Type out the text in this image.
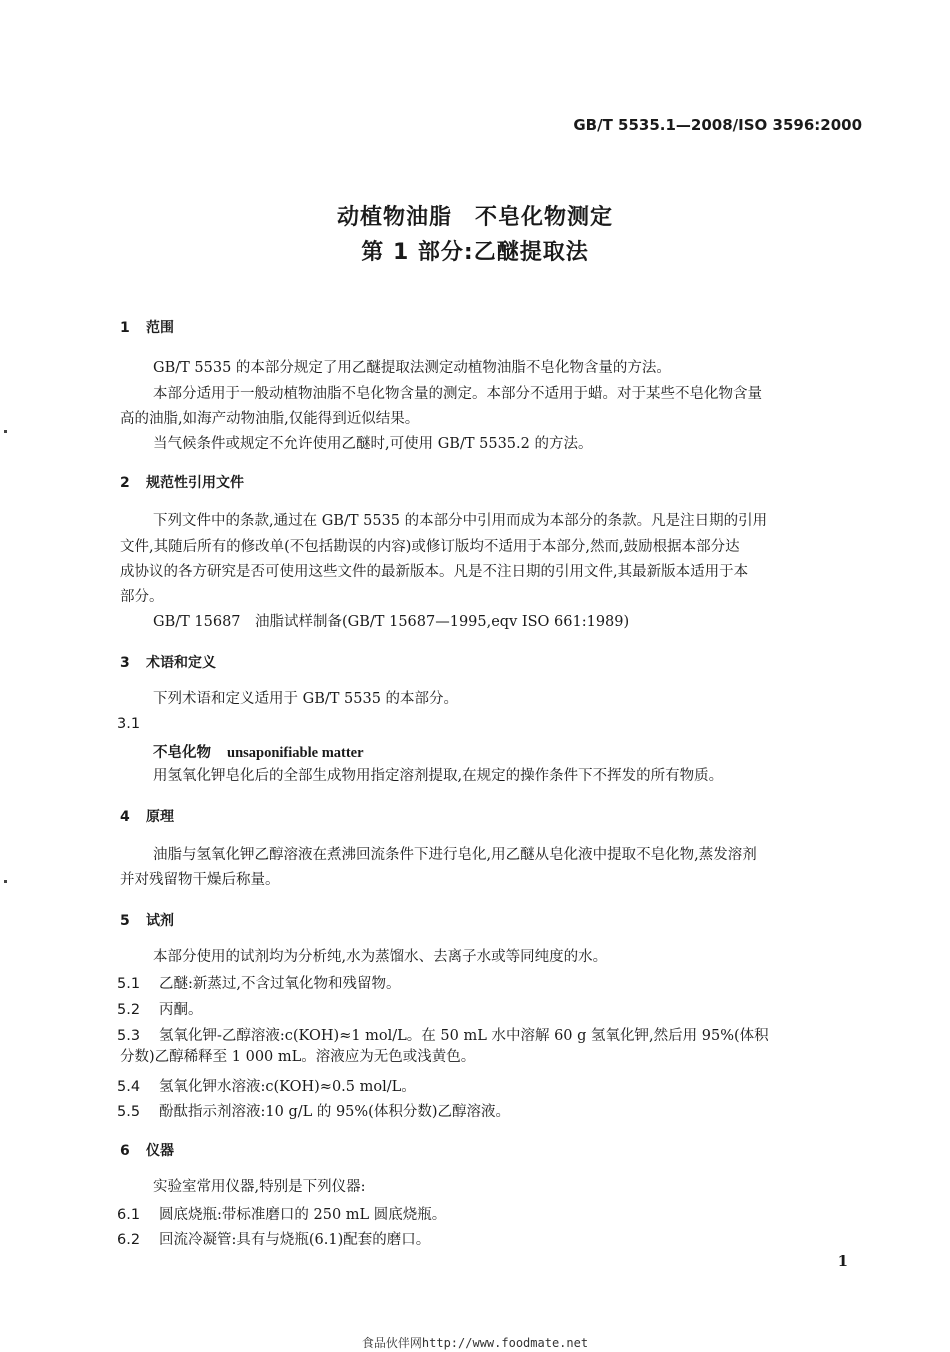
GB/T 5535.1—2008/ISO 3596:2000
动植物油脂　不皂化物测定
第 1 部分:乙醚提取法
1 范围
GB/T 5535 的本部分规定了用乙醚提取法测定动植物油脂不皂化物含量的方法。
本部分适用于一般动植物油脂不皂化物含量的测定。本部分不适用于蜡。对于某些不皂化物含量
高的油脂,如海产动物油脂,仅能得到近似结果。
当气候条件或规定不允许使用乙醚时,可使用 GB/T 5535.2 的方法。
2 规范性引用文件
下列文件中的条款,通过在 GB/T 5535 的本部分中引用而成为本部分的条款。凡是注日期的引用
文件,其随后所有的修改单(不包括勘误的内容)或修订版均不适用于本部分,然而,鼓励根据本部分达
成协议的各方研究是否可使用这些文件的最新版本。凡是不注日期的引用文件,其最新版本适用于本
部分。
GB/T 15687　油脂试样制备(GB/T 15687—1995,eqv ISO 661:1989)
3 术语和定义
下列术语和定义适用于 GB/T 5535 的本部分。
3.1
不皂化物 unsaponifiable matter
用氢氧化钾皂化后的全部生成物用指定溶剂提取,在规定的操作条件下不挥发的所有物质。
4 原理
油脂与氢氧化钾乙醇溶液在煮沸回流条件下进行皂化,用乙醚从皂化液中提取不皂化物,蒸发溶剂
并对残留物干燥后称量。
5 试剂
本部分使用的试剂均为分析纯,水为蒸馏水、去离子水或等同纯度的水。
5.1 乙醚:新蒸过,不含过氧化物和残留物。
5.2 丙酮。
5.3 氢氧化钾-乙醇溶液:c(KOH)≈1 mol/L。在 50 mL 水中溶解 60 g 氢氧化钾,然后用 95%(体积
分数)乙醇稀释至 1 000 mL。溶液应为无色或浅黄色。
5.4 氢氧化钾水溶液:c(KOH)≈0.5 mol/L。
5.5 酚酞指示剂溶液:10 g/L 的 95%(体积分数)乙醇溶液。
6 仪器
实验室常用仪器,特别是下列仪器:
6.1 圆底烧瓶:带标准磨口的 250 mL 圆底烧瓶。
6.2 回流冷凝管:具有与烧瓶(6.1)配套的磨口。
1
食品伙伴网http://www.foodmate.net
